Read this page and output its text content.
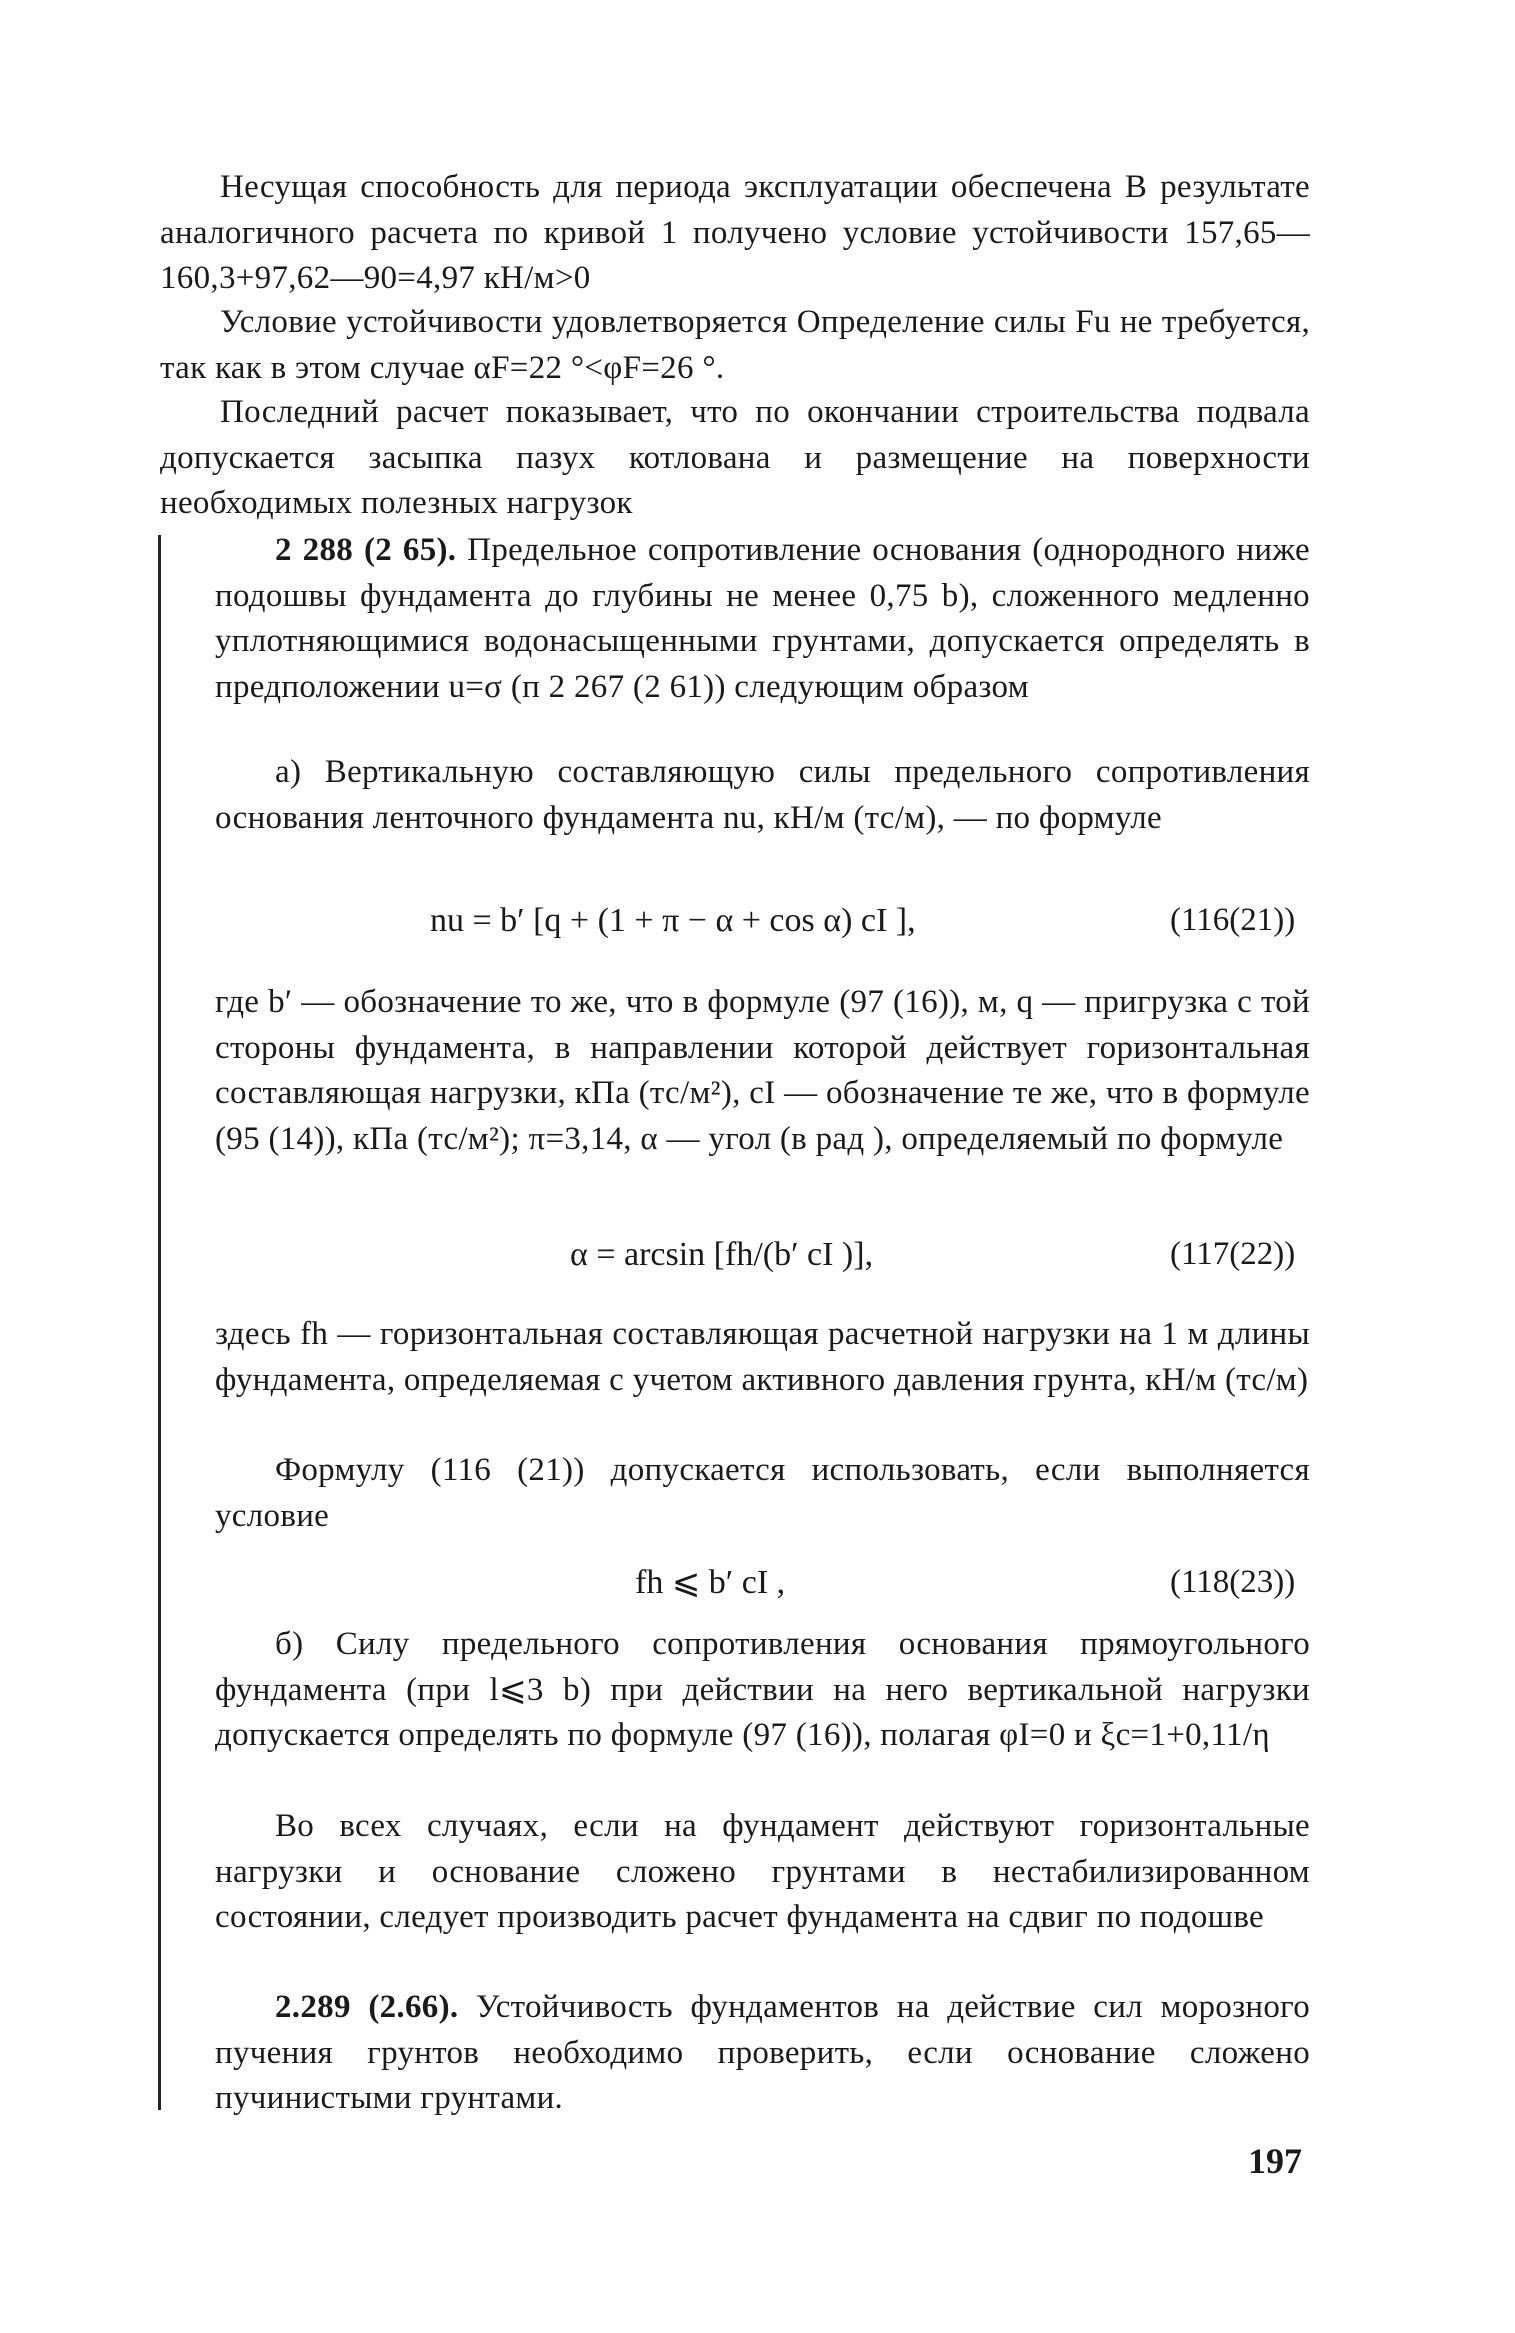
Несущая способность для периода эксплуатации обеспечена В результате аналогичного расчета по кривой 1 получено условие устойчивости 157,65—160,3+97,62—90=4,97 кН/м>0

Условие устойчивости удовлетворяется Определение силы Fu не требуется, так как в этом случае αF=22 °<φF=26 °.

Последний расчет показывает, что по окончании строительства подвала допускается засыпка пазух котлована и размещение на поверхности необходимых полезных нагрузок

2 288 (2 65). Предельное сопротивление основания (однородного ниже подошвы фундамента до глубины не менее 0,75 b), сложенного медленно уплотняющимися водонасыщенными грунтами, допускается определять в предположении u=σ (п 2 267 (2 61)) следующим образом

а) Вертикальную составляющую силы предельного сопротивления основания ленточного фундамента nu, кН/м (тс/м), — по формуле

nu = b′ [q + (1 + π − α + cos α) cI ],	(116(21))

где b′ — обозначение то же, что в формуле (97 (16)), м, q — пригрузка с той стороны фундамента, в направлении которой действует горизонтальная составляющая нагрузки, кПа (тс/м²), cI — обозначение те же, что в формуле (95 (14)), кПа (тс/м²); π=3,14, α — угол (в рад ), определяемый по формуле

α = arcsin [fh/(b′ cI )],	(117(22))

здесь fh — горизонтальная составляющая расчетной нагрузки на 1 м длины фундамента, определяемая с учетом активного давления грунта, кН/м (тс/м)

Формулу (116 (21)) допускается использовать, если выполняется условие

fh ⩽ b′ cI ,	(118(23))

б) Силу предельного сопротивления основания прямоугольного фундамента (при l⩽3 b) при действии на него вертикальной нагрузки допускается определять по формуле (97 (16)), полагая φI=0 и ξc=1+0,11/η

Во всех случаях, если на фундамент действуют горизонтальные нагрузки и основание сложено грунтами в нестабилизированном состоянии, следует производить расчет фундамента на сдвиг по подошве

2.289 (2.66). Устойчивость фундаментов на действие сил морозного пучения грунтов необходимо проверить, если основание сложено пучинистыми грунтами.

197
